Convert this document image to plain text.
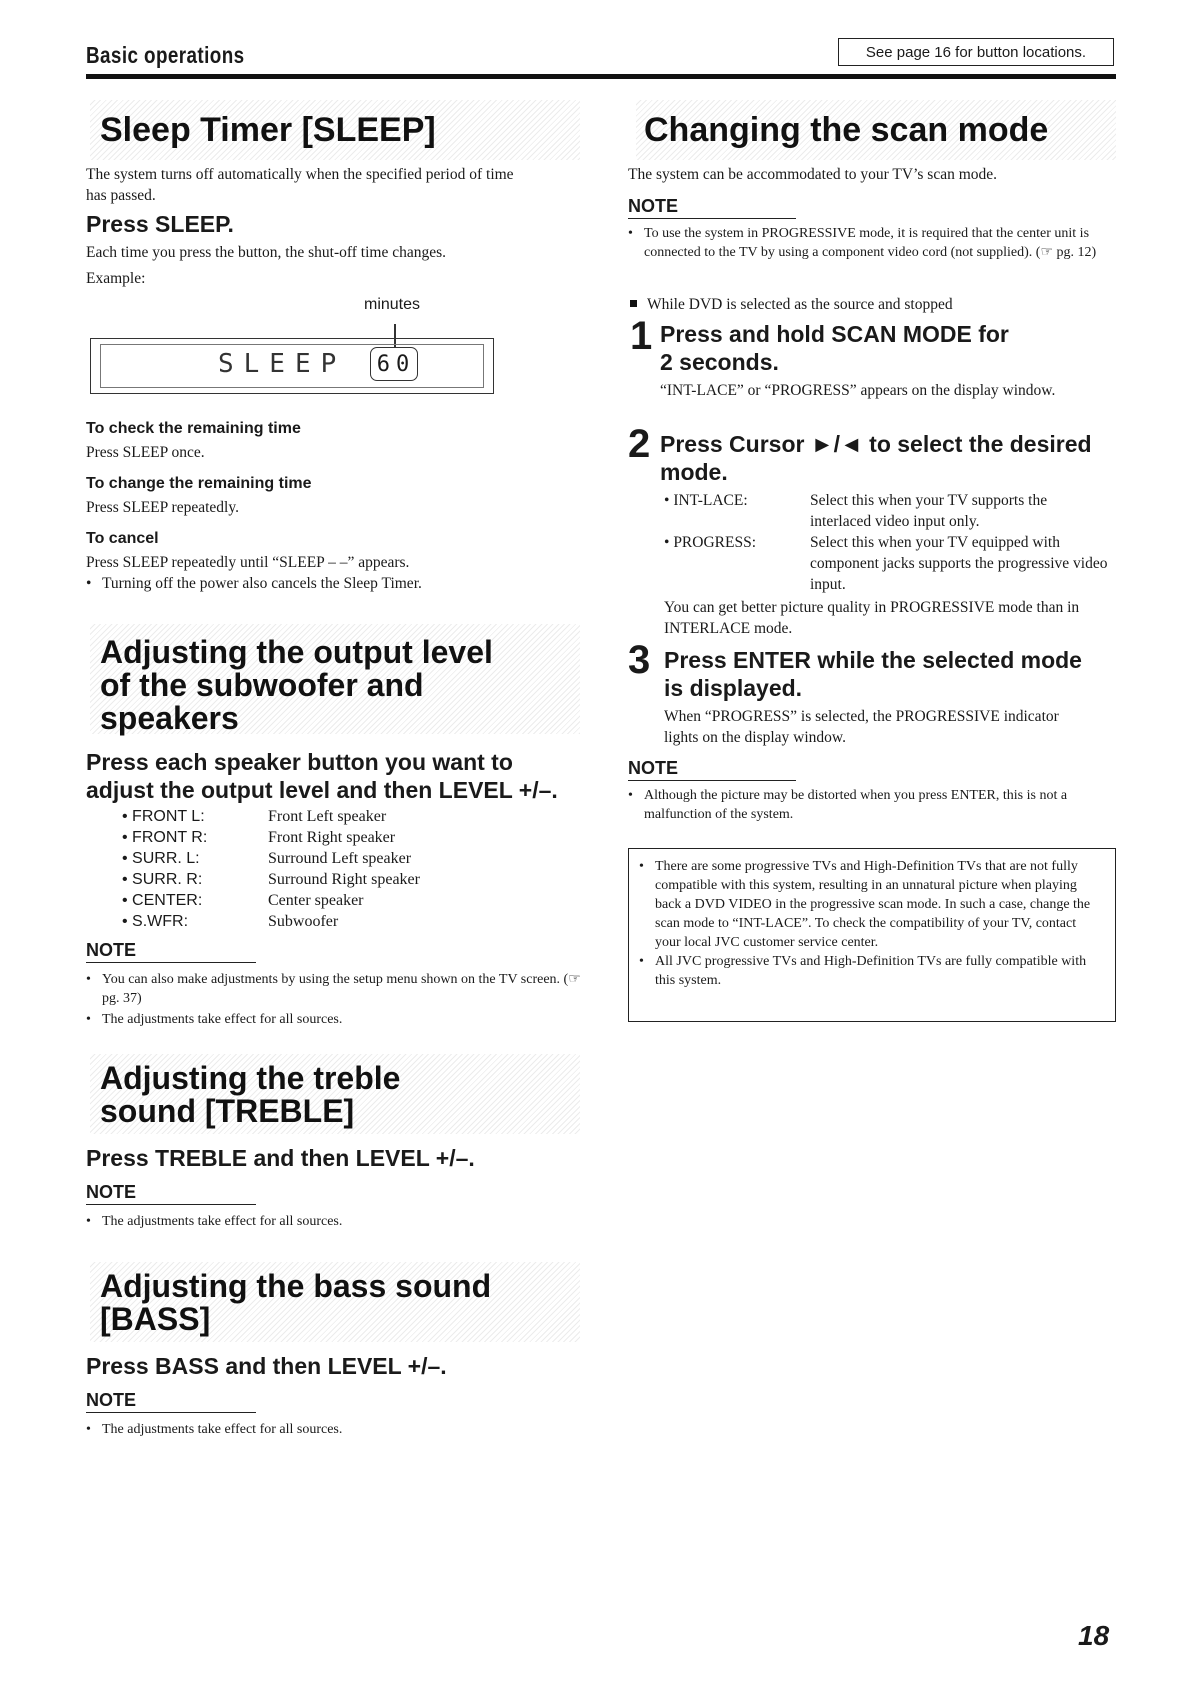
Basic operations	See page 16 for button locations.
Sleep Timer [SLEEP]
The system turns off automatically when the specified period of time has passed.
Press SLEEP.
Each time you press the button, the shut-off time changes.
Example:
minutes
SLEEP	60
To check the remaining time
Press SLEEP once.
To change the remaining time
Press SLEEP repeatedly.
To cancel
Press SLEEP repeatedly until “SLEEP – –” appears.
• Turning off the power also cancels the Sleep Timer.
Adjusting the output level
of the subwoofer and
speakers
Press each speaker button you want to
adjust the output level and then LEVEL +/–.
• FRONT L:	Front Left speaker
• FRONT R:	Front Right speaker
• SURR. L:	Surround Left speaker
• SURR. R:	Surround Right speaker
• CENTER:	Center speaker
• S.WFR:	Subwoofer
NOTE
• You can also make adjustments by using the setup menu shown on the TV screen. (☞ pg. 37)
• The adjustments take effect for all sources.
Adjusting the treble
sound [TREBLE]
Press TREBLE and then LEVEL +/–.
NOTE
• The adjustments take effect for all sources.
Adjusting the bass sound
[BASS]
Press BASS and then LEVEL +/–.
NOTE
• The adjustments take effect for all sources.
Changing the scan mode
The system can be accommodated to your TV’s scan mode.
NOTE
• To use the system in PROGRESSIVE mode, it is required that the center unit is connected to the TV by using a component video cord (not supplied). (☞ pg. 12)
While DVD is selected as the source and stopped
1 Press and hold SCAN MODE for
2 seconds.
“INT-LACE” or “PROGRESS” appears on the display window.
2 Press Cursor ►/◄ to select the desired
mode.
• INT-LACE:	Select this when your TV supports the interlaced video input only.
• PROGRESS:	Select this when your TV equipped with component jacks supports the progressive video input.
You can get better picture quality in PROGRESSIVE mode than in INTERLACE mode.
3 Press ENTER while the selected mode
is displayed.
When “PROGRESS” is selected, the PROGRESSIVE indicator lights on the display window.
NOTE
• Although the picture may be distorted when you press ENTER, this is not a malfunction of the system.
• There are some progressive TVs and High-Definition TVs that are not fully compatible with this system, resulting in an unnatural picture when playing back a DVD VIDEO in the progressive scan mode. In such a case, change the scan mode to “INT-LACE”. To check the compatibility of your TV, contact your local JVC customer service center.
• All JVC progressive TVs and High-Definition TVs are fully compatible with this system.
18
